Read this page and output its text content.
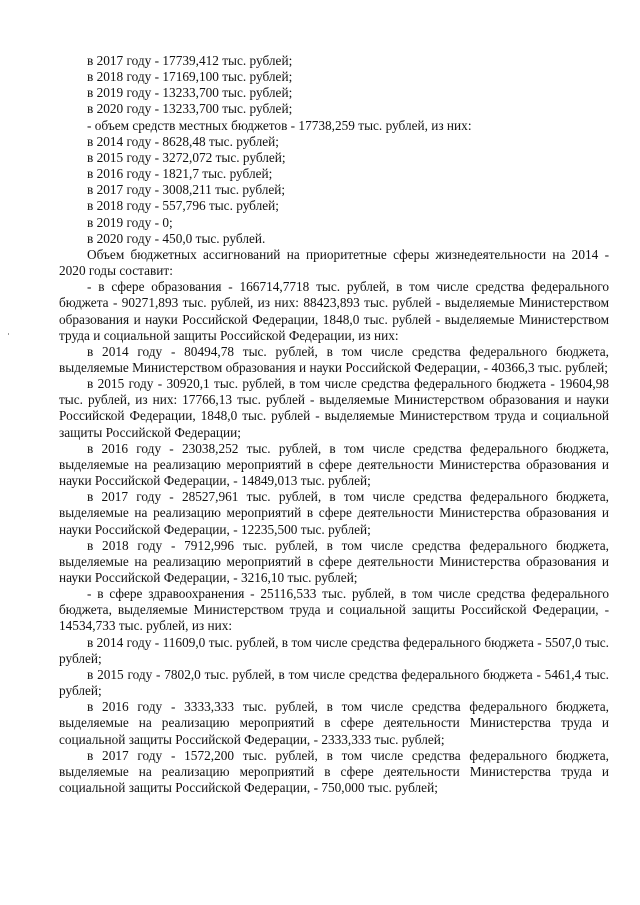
в 2017 году - 17739,412 тыс. рублей;

в 2018 году - 17169,100 тыс. рублей;

в 2019 году - 13233,700 тыс. рублей;

в 2020 году - 13233,700 тыс. рублей;

- объем средств местных бюджетов - 17738,259 тыс. рублей, из них:

в 2014 году - 8628,48 тыс. рублей;

в 2015 году - 3272,072 тыс. рублей;

в 2016 году - 1821,7 тыс. рублей;

в 2017 году - 3008,211 тыс. рублей;

в 2018 году - 557,796 тыс. рублей;

в 2019 году - 0;

в 2020 году - 450,0 тыс. рублей.

Объем бюджетных ассигнований на приоритетные сферы жизнедеятельности на 2014 - 2020 годы составит:

- в сфере образования - 166714,7718 тыс. рублей, в том числе средства федерального бюджета - 90271,893 тыс. рублей, из них: 88423,893 тыс. рублей - выделяемые Министерством образования и науки Российской Федерации, 1848,0 тыс. рублей - выделяемые Министерством труда и социальной защиты Российской Федерации, из них:

в 2014 году - 80494,78 тыс. рублей, в том числе средства федерального бюджета, выделяемые Министерством образования и науки Российской Федерации, - 40366,3 тыс. рублей;

в 2015 году - 30920,1 тыс. рублей, в том числе средства федерального бюджета - 19604,98 тыс. рублей, из них: 17766,13 тыс. рублей - выделяемые Министерством образования и науки Российской Федерации, 1848,0 тыс. рублей - выделяемые Министерством труда и социальной защиты Российской Федерации;

в 2016 году - 23038,252 тыс. рублей, в том числе средства федерального бюджета, выделяемые на реализацию мероприятий в сфере деятельности Министерства образования и науки Российской Федерации, - 14849,013 тыс. рублей;

в 2017 году - 28527,961 тыс. рублей, в том числе средства федерального бюджета, выделяемые на реализацию мероприятий в сфере деятельности Министерства образования и науки Российской Федерации, - 12235,500 тыс. рублей;

в 2018 году - 7912,996 тыс. рублей, в том числе средства федерального бюджета, выделяемые на реализацию мероприятий в сфере деятельности Министерства образования и науки Российской Федерации, - 3216,10 тыс. рублей;

- в сфере здравоохранения - 25116,533 тыс. рублей, в том числе средства федерального бюджета, выделяемые Министерством труда и социальной защиты Российской Федерации, - 14534,733 тыс. рублей, из них:

в 2014 году - 11609,0 тыс. рублей, в том числе средства федерального бюджета - 5507,0 тыс. рублей;

в 2015 году - 7802,0 тыс. рублей, в том числе средства федерального бюджета - 5461,4 тыс. рублей;

в 2016 году - 3333,333 тыс. рублей, в том числе средства федерального бюджета, выделяемые на реализацию мероприятий в сфере деятельности Министерства труда и социальной защиты Российской Федерации, - 2333,333 тыс. рублей;

в 2017 году - 1572,200 тыс. рублей, в том числе средства федерального бюджета, выделяемые на реализацию мероприятий в сфере деятельности Министерства труда и социальной защиты Российской Федерации, - 750,000 тыс. рублей;
